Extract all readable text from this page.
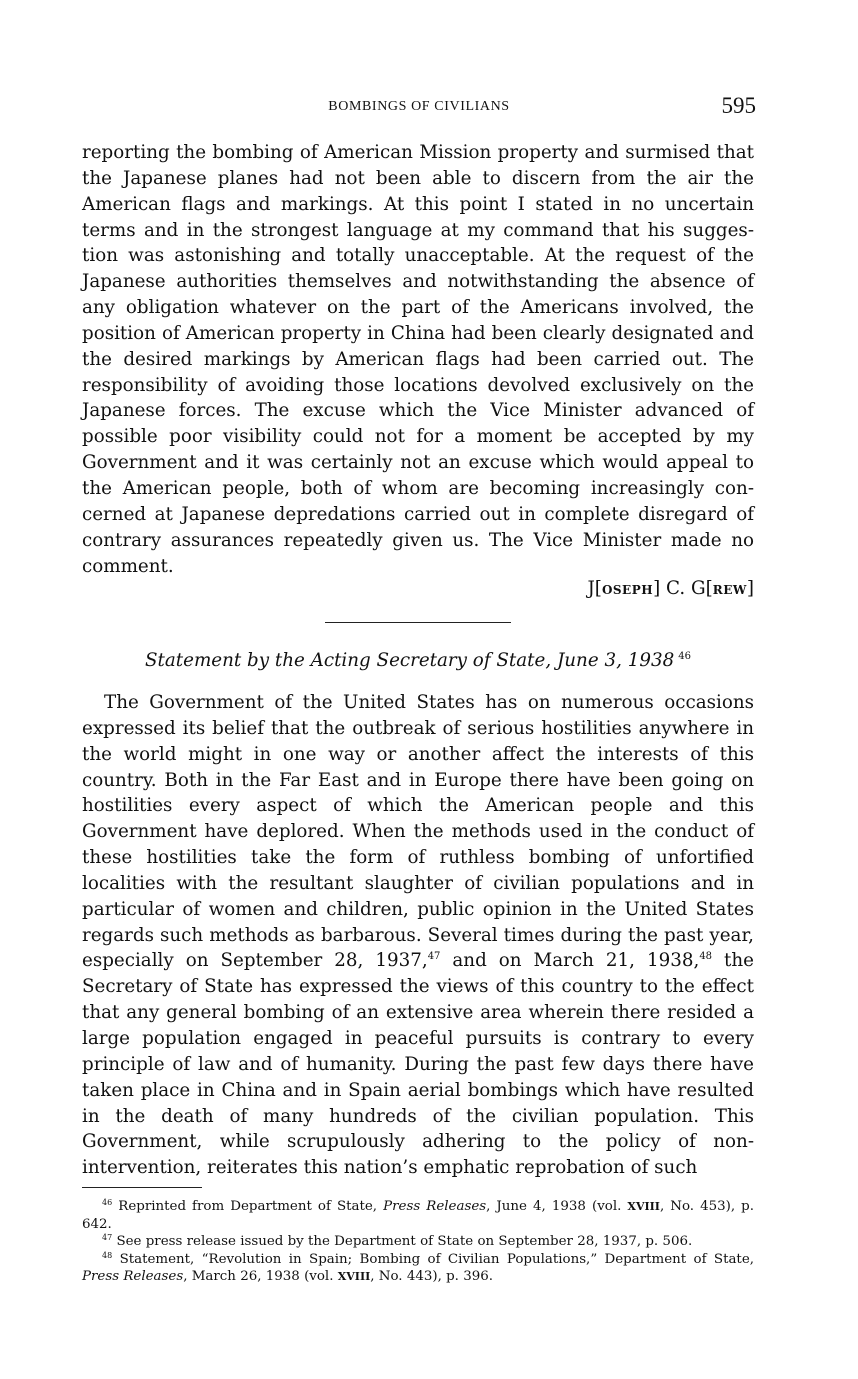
BOMBINGS OF CIVILIANS	595

reporting the bombing of American Mission property and surmised that the Japanese planes had not been able to discern from the air the American flags and markings. At this point I stated in no uncertain terms and in the strongest language at my command that his suggestion was astonishing and totally unacceptable. At the request of the Japanese authorities themselves and notwithstanding the absence of any obligation whatever on the part of the Americans involved, the position of American property in China had been clearly designated and the desired markings by American flags had been carried out. The responsibility of avoiding those locations devolved exclusively on the Japanese forces. The excuse which the Vice Minister advanced of possible poor visibility could not for a moment be accepted by my Government and it was certainly not an excuse which would appeal to the American people, both of whom are becoming increasingly concerned at Japanese depredations carried out in complete disregard of contrary assurances repeatedly given us. The Vice Minister made no comment.

J[OSEPH] C. G[REW]
Statement by the Acting Secretary of State, June 3, 1938 $^{46}$

The Government of the United States has on numerous occasions expressed its belief that the outbreak of serious hostilities anywhere in the world might in one way or another affect the interests of this country. Both in the Far East and in Europe there have been going on hostilities every aspect of which the American people and this Government have deplored. When the methods used in the conduct of these hostilities take the form of ruthless bombing of unfortified localities with the resultant slaughter of civilian populations and in particular of women and children, public opinion in the United States regards such methods as barbarous. Several times during the past year, especially on September 28, 1937,47 and on March 21, 1938,48 the Secretary of State has expressed the views of this country to the effect that any general bombing of an extensive area wherein there resided a large population engaged in peaceful pursuits is contrary to every principle of law and of humanity. During the past few days there have taken place in China and in Spain aerial bombings which have resulted in the death of many hundreds of the civilian population. This Government, while scrupulously adhering to the policy of nonintervention, reiterates this nation’s emphatic reprobation of such

$^{46}$ Reprinted from Department of State, Press Releases, June 4, 1938 (vol. XVIII, No. 453), p. 642.

$^{47}$ See press release issued by the Department of State on September 28, 1937, p. 506.

$^{48}$ Statement, “Revolution in Spain; Bombing of Civilian Populations,” Department of State, Press Releases, March 26, 1938 (vol. XVIII, No. 443), p. 396.
